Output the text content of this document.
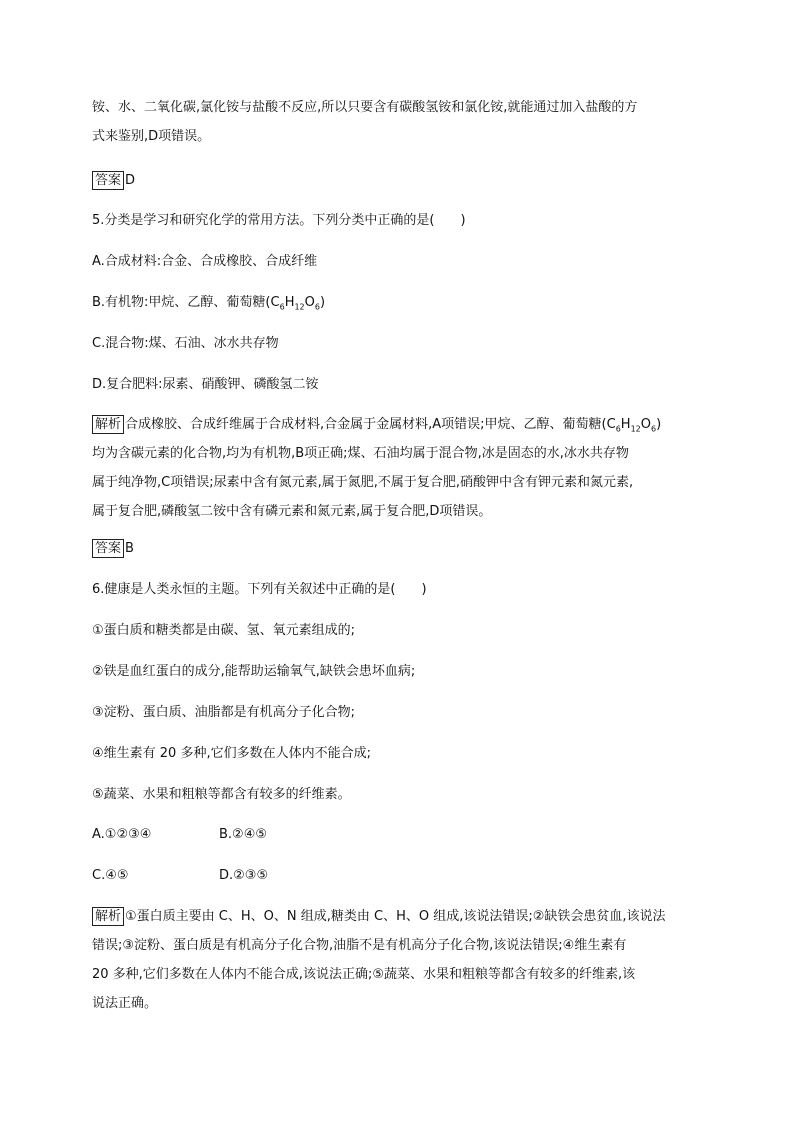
铵、水、二氧化碳,氯化铵与盐酸不反应,所以只要含有碳酸氢铵和氯化铵,就能通过加入盐酸的方
式来鉴别,D项错误。

答案 D

5.分类是学习和研究化学的常用方法。下列分类中正确的是(　　)

A.合成材料:合金、合成橡胶、合成纤维

B.有机物:甲烷、乙醇、葡萄糖$(C_6H_{12}O_6)$

C.混合物:煤、石油、冰水共存物

D.复合肥料:尿素、硝酸钾、磷酸氢二铵

解析 合成橡胶、合成纤维属于合成材料,合金属于金属材料,A项错误;甲烷、乙醇、葡萄糖$(C_6H_{12}O_6)$
均为含碳元素的化合物,均为有机物,B项正确;煤、石油均属于混合物,冰是固态的水,冰水共存物
属于纯净物,C项错误;尿素中含有氮元素,属于氮肥,不属于复合肥,硝酸钾中含有钾元素和氮元素,
属于复合肥,磷酸氢二铵中含有磷元素和氮元素,属于复合肥,D项错误。

答案 B

6.健康是人类永恒的主题。下列有关叙述中正确的是(　　)

①蛋白质和糖类都是由碳、氢、氧元素组成的;

②铁是血红蛋白的成分,能帮助运输氧气,缺铁会患坏血病;

③淀粉、蛋白质、油脂都是有机高分子化合物;

④维生素有 20 多种,它们多数在人体内不能合成;

⑤蔬菜、水果和粗粮等都含有较多的纤维素。

A.①②③④	B.②④⑤
C.④⑤	D.②③⑤

解析 ①蛋白质主要由 C、H、O、N 组成,糖类由 C、H、O 组成,该说法错误;②缺铁会患贫血,该说法
错误;③淀粉、蛋白质是有机高分子化合物,油脂不是有机高分子化合物,该说法错误;④维生素有
20 多种,它们多数在人体内不能合成,该说法正确;⑤蔬菜、水果和粗粮等都含有较多的纤维素,该
说法正确。
